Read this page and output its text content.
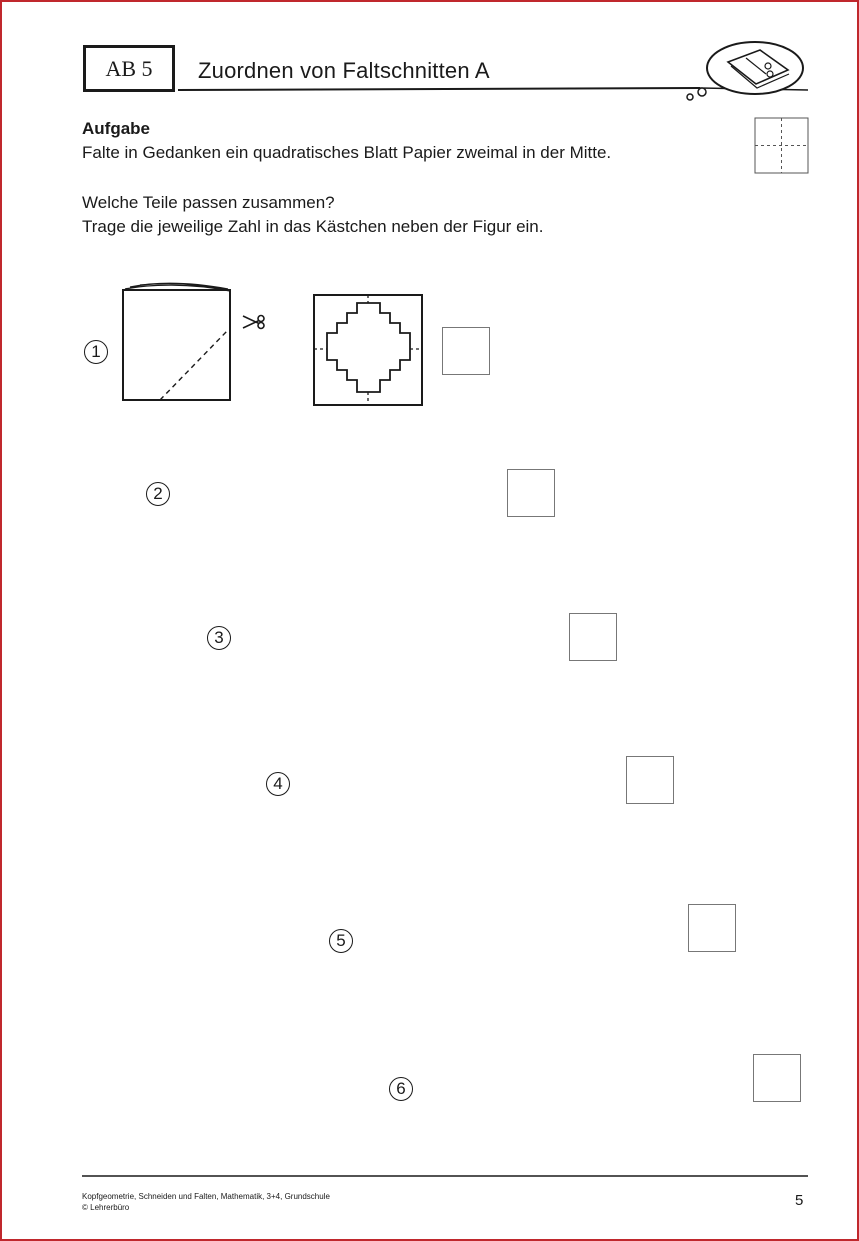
AB 5	Zuordnen von Faltschnitten A
Aufgabe
Falte in Gedanken ein quadratisches Blatt Papier zweimal in der Mitte.
Welche Teile passen zusammen?
Trage die jeweilige Zahl in das Kästchen neben der Figur ein.
1
2
3
4
5
6
Kopfgeometrie, Schneiden und Falten, Mathematik, 3+4, Grundschule
© Lehrerbüro	5
